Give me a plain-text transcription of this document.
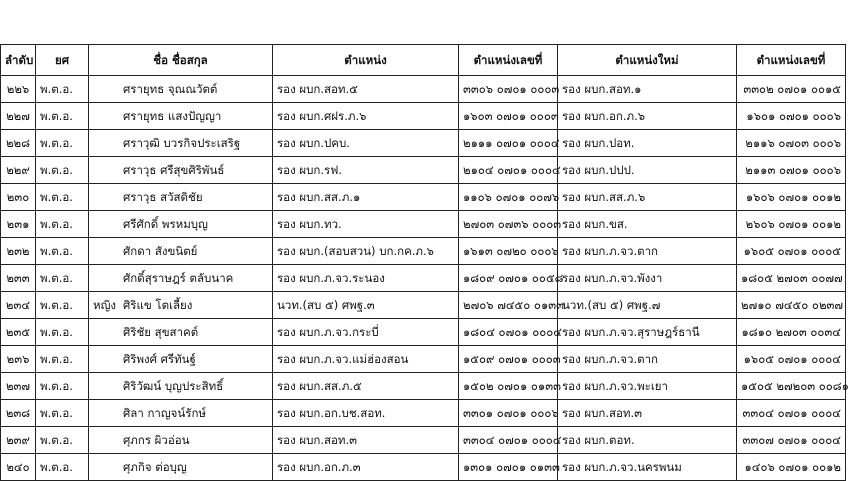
ลำดับ	ยศ	ชื่อ ชื่อสกุล	ตำแหน่ง	ตำแหน่งเลขที่	ตำแหน่งใหม่	ตำแหน่งเลขที่
๒๒๖	พ.ต.อ.	ศรายุทธ จุณณวัตต์	รอง ผบก.สอท.๕	๓๓๐๖ ๐๗๐๑ ๐๐๐๓	รอง ผบก.สอท.๑	๓๓๐๒ ๐๗๐๑ ๐๐๑๕
๒๒๗	พ.ต.อ.	ศรายุทธ แสงปัญญา	รอง ผบก.ศฝร.ภ.๖	๑๖๐๓ ๐๗๐๑ ๐๐๐๓	รอง ผบก.อก.ภ.๖	๑๖๐๑ ๐๗๐๑ ๐๐๐๖
๒๒๘	พ.ต.อ.	ศราวุฒิ บวรกิจประเสริฐ	รอง ผบก.ปคบ.	๒๑๑๑ ๐๗๐๑ ๐๐๐๔	รอง ผบก.ปอท.	๒๑๑๖ ๐๗๐๓ ๐๐๐๖
๒๒๙	พ.ต.อ.	ศราวุธ ศรีสุขศิริพันธ์	รอง ผบก.รฟ.	๒๑๐๔ ๐๗๐๑ ๐๐๐๔	รอง ผบก.ปปป.	๒๑๑๓ ๐๗๐๑ ๐๐๐๖
๒๓๐	พ.ต.อ.	ศราวุธ สวัสดิชัย	รอง ผบก.สส.ภ.๑	๑๑๐๖ ๐๗๐๑ ๐๐๗๖	รอง ผบก.สส.ภ.๖	๑๖๐๖ ๐๗๐๑ ๐๐๑๒
๒๓๑	พ.ต.อ.	ศรีศักดิ์ พรหมบุญ	รอง ผบก.ทว.	๒๗๐๓ ๐๗๓๖ ๐๐๐๓	รอง ผบก.ขส.	๒๖๐๖ ๐๗๐๑ ๐๐๑๒
๒๓๒	พ.ต.อ.	ศักดา สังขนิตย์	รอง ผบก.(สอบสวน) บก.กค.ภ.๖	๑๖๑๓ ๐๗๒๐ ๐๐๐๖	รอง ผบก.ภ.จว.ตาก	๑๖๐๕ ๐๗๐๑ ๐๐๐๕
๒๓๓	พ.ต.อ.	ศักดิ์สุราษฎร์ ตลับนาค	รอง ผบก.ภ.จว.ระนอง	๑๘๐๙ ๐๗๐๑ ๐๐๕๘	รอง ผบก.ภ.จว.พังงา	๑๘๐๕ ๒๗๐๓ ๐๐๗๗
๒๓๔	พ.ต.อ.	หญิง ศิริแข โตเลี้ยง	นวท.(สบ ๕) ศพฐ.๓	๒๗๐๖ ๗๔๕๐ ๐๑๓๓	นวท.(สบ ๕) ศพฐ.๗	๒๗๑๐ ๗๔๕๐ ๐๒๓๗
๒๓๕	พ.ต.อ.	ศิริชัย สุขสาคต์	รอง ผบก.ภ.จว.กระบี่	๑๘๐๔ ๐๗๐๑ ๐๐๐๔	รอง ผบก.ภ.จว.สุราษฎร์ธานี	๑๘๑๐ ๒๗๐๓ ๐๐๓๔
๒๓๖	พ.ต.อ.	ศิริพงศ์ ศรีทันฐ์	รอง ผบก.ภ.จว.แม่ฮ่องสอน	๑๕๐๙ ๐๗๐๑ ๐๐๐๓	รอง ผบก.ภ.จว.ตาก	๑๖๐๕ ๐๗๐๑ ๐๐๐๔
๒๓๗	พ.ต.อ.	ศิริวัฒน์ บุญประสิทธิ์	รอง ผบก.สส.ภ.๕	๑๕๐๒ ๐๗๐๑ ๐๑๓๓	รอง ผบก.ภ.จว.พะเยา	๑๕๐๕ ๒๗๒๐๓ ๐๐๘๑
๒๓๘	พ.ต.อ.	ศิลา กาญจน์รักษ์	รอง ผบก.อก.บช.สอท.	๓๓๐๑ ๐๗๐๑ ๐๐๐๖	รอง ผบก.สอท.๓	๓๓๐๔ ๐๗๐๑ ๐๐๐๔
๒๓๙	พ.ต.อ.	ศุภกร ผิวอ่อน	รอง ผบก.สอท.๓	๓๓๐๔ ๐๗๐๑ ๐๐๐๔	รอง ผบก.ตอท.	๓๓๐๗ ๐๗๐๑ ๐๐๐๔
๒๔๐	พ.ต.อ.	ศุภกิจ ต่อบุญ	รอง ผบก.อก.ภ.๓	๑๓๐๑ ๐๗๐๑ ๐๑๓๓	รอง ผบก.ภ.จว.นครพนม	๑๔๐๖ ๐๗๐๑ ๐๐๑๒
